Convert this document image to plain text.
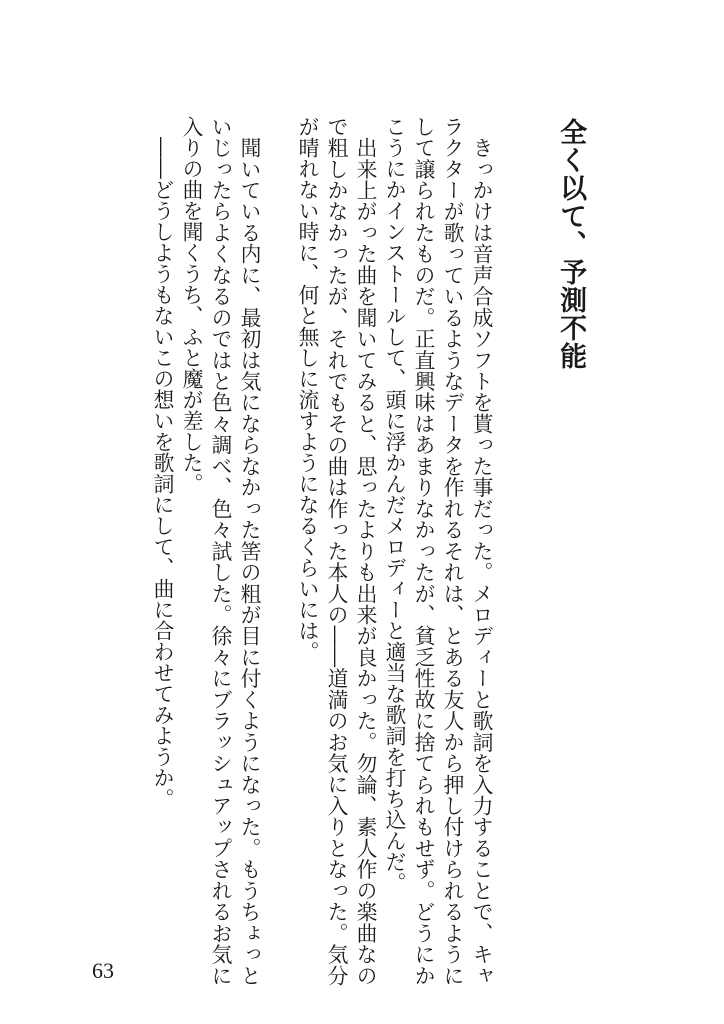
全く以て、予測不能

　きっかけは音声合成ソフトを貰った事だった。メロディーと歌詞を入力することで、キャラクターが歌っているようなデータを作れるそれは、とある友人から押し付けられるようにして譲られたものだ。正直興味はあまりなかったが、貧乏性故に捨てられもせず。どうにかこうにかインストールして、頭に浮かんだメロディーと適当な歌詞を打ち込んだ。

　出来上がった曲を聞いてみると、思ったよりも出来が良かった。勿論、素人作の楽曲なので粗しかなかったが、それでもその曲は作った本人の――道満のお気に入りとなった。気分が晴れない時に、何と無しに流すようになるくらいには。

　聞いている内に、最初は気にならなかった筈の粗が目に付くようになった。もうちょっといじったらよくなるのではと色々調べ、色々試した。徐々にブラッシュアップされるお気に入りの曲を聞くうち、ふと魔が差した。

　――どうしようもないこの想いを歌詞にして、曲に合わせてみようか。

63
